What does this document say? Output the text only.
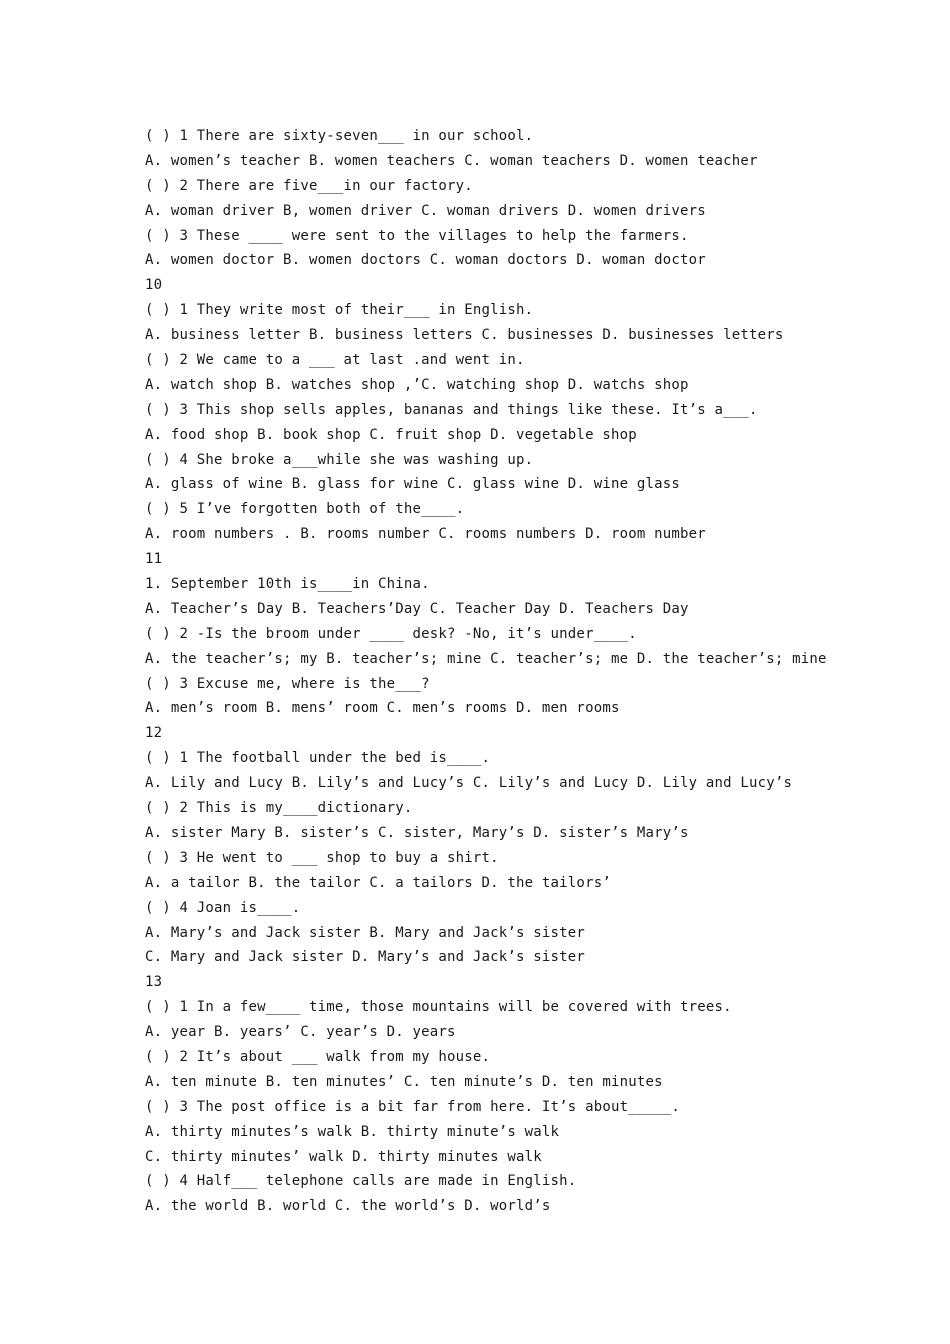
( ) 1 There are sixty-seven___ in our school.
A. women’s teacher B. women teachers C. woman teachers D. women teacher
( ) 2 There are five___in our factory.
A. woman driver B, women driver C. woman drivers D. women drivers
( ) 3 These ____ were sent to the villages to help the farmers.
A. women doctor B. women doctors C. woman doctors D. woman doctor
10
( ) 1 They write most of their___ in English.
A. business letter B. business letters C. businesses D. businesses letters
( ) 2 We came to a ___ at last .and went in.
A. watch shop B. watches shop ,’C. watching shop D. watchs shop
( ) 3 This shop sells apples, bananas and things like these. It’s a___.
A. food shop B. book shop C. fruit shop D. vegetable shop
( ) 4 She broke a___while she was washing up.
A. glass of wine B. glass for wine C. glass wine D. wine glass
( ) 5 I’ve forgotten both of the____.
A. room numbers . B. rooms number C. rooms numbers D. room number
11
1. September 10th is____in China.
A. Teacher’s Day B. Teachers’Day C. Teacher Day D. Teachers Day
( ) 2 -Is the broom under ____ desk? -No, it’s under____.
A. the teacher’s; my B. teacher’s; mine C. teacher’s; me D. the teacher’s; mine
( ) 3 Excuse me, where is the___?
A. men’s room B. mens’ room C. men’s rooms D. men rooms
12
( ) 1 The football under the bed is____.
A. Lily and Lucy B. Lily’s and Lucy’s C. Lily’s and Lucy D. Lily and Lucy’s
( ) 2 This is my____dictionary.
A. sister Mary B. sister’s C. sister, Mary’s D. sister’s Mary’s
( ) 3 He went to ___ shop to buy a shirt.
A. a tailor B. the tailor C. a tailors D. the tailors’
( ) 4 Joan is____.
A. Mary’s and Jack sister B. Mary and Jack’s sister
C. Mary and Jack sister D. Mary’s and Jack’s sister
13
( ) 1 In a few____ time, those mountains will be covered with trees.
A. year B. years’ C. year’s D. years
( ) 2 It’s about ___ walk from my house.
A. ten minute B. ten minutes’ C. ten minute’s D. ten minutes
( ) 3 The post office is a bit far from here. It’s about_____.
A. thirty minutes’s walk B. thirty minute’s walk
C. thirty minutes’ walk D. thirty minutes walk
( ) 4 Half___ telephone calls are made in English.
A. the world B. world C. the world’s D. world’s
